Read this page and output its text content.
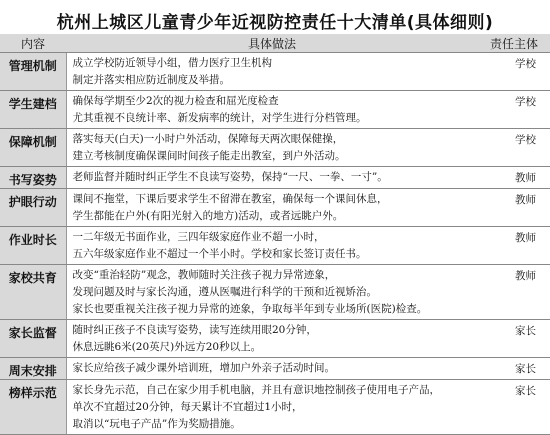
杭州上城区儿童青少年近视防控责任十大清单(具体细则)
内容	具体做法	责任主体
管理机制	成立学校防近领导小组，借力医疗卫生机构
制定并落实相应防近制度及举措。	学校
学生建档	确保每学期至少2次的视力检查和屈光度检查
尤其重视不良统计率、新发病率的统计，对学生进行分档管理。	学校
保障机制	落实每天(白天)一小时户外活动，保障每天两次眼保健操，
建立考核制度确保课间时间孩子能走出教室，到户外活动。	学校
书写姿势	老师监督并随时纠正学生不良读写姿势，保持“一尺、一拳、一寸”。	教师
护眼行动	课间不拖堂，下课后要求学生不留滞在教室，确保每一个课间休息，
学生都能在户外(有阳光射入的地方)活动，或者远眺户外。	教师
作业时长	一二年级无书面作业，三四年级家庭作业不超一小时，
五六年级家庭作业不超过一个半小时。学校和家长签订责任书。	教师
家校共育	改变“重治轻防”观念，教师随时关注孩子视力异常迹象，
发现问题及时与家长沟通，遵从医嘱进行科学的干预和近视矫治。
家长也要重视关注孩子视力异常的迹象，争取每半年到专业场所(医院)检查。	教师
家长监督	随时纠正孩子不良读写姿势，读写连续用眼20分钟，
休息远眺6米(20英尺)外远方20秒以上。	家长
周末安排	家长应给孩子减少课外培训班，增加户外亲子活动时间。	家长
榜样示范	家长身先示范，自己在家少用手机电脑，并且有意识地控制孩子使用电子产品，
单次不宜超过20分钟，每天累计不宜超过1小时，
取消以“玩电子产品”作为奖励措施。	家长
